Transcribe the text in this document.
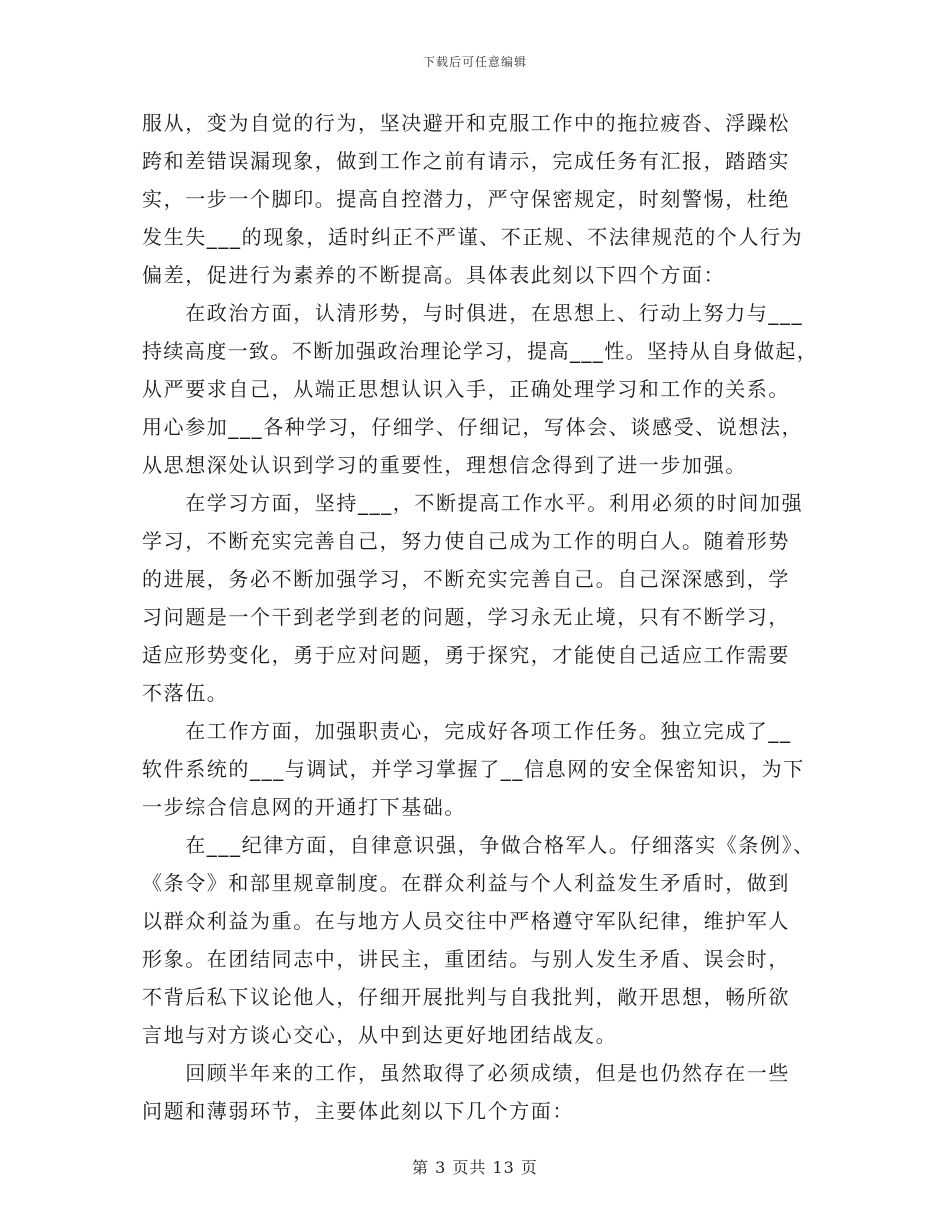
下载后可任意编辑
服从，变为自觉的行为，坚决避开和克服工作中的拖拉疲沓、浮躁松
跨和差错误漏现象，做到工作之前有请示，完成任务有汇报，踏踏实
实，一步一个脚印。提高自控潜力，严守保密规定，时刻警惕，杜绝
发生失___的现象，适时纠正不严谨、不正规、不法律规范的个人行为
偏差，促进行为素养的不断提高。具体表此刻以下四个方面：
　　在政治方面，认清形势，与时俱进，在思想上、行动上努力与___
持续高度一致。不断加强政治理论学习，提高___性。坚持从自身做起，
从严要求自己，从端正思想认识入手，正确处理学习和工作的关系。
用心参加___各种学习，仔细学、仔细记，写体会、谈感受、说想法，
从思想深处认识到学习的重要性，理想信念得到了进一步加强。
　　在学习方面，坚持___，不断提高工作水平。利用必须的时间加强
学习，不断充实完善自己，努力使自己成为工作的明白人。随着形势
的进展，务必不断加强学习，不断充实完善自己。自己深深感到，学
习问题是一个干到老学到老的问题，学习永无止境，只有不断学习，
适应形势变化，勇于应对问题，勇于探究，才能使自己适应工作需要
不落伍。
　　在工作方面，加强职责心，完成好各项工作任务。独立完成了__
软件系统的___与调试，并学习掌握了__信息网的安全保密知识，为下
一步综合信息网的开通打下基础。
　　在___纪律方面，自律意识强，争做合格军人。仔细落实《条例》、
《条令》和部里规章制度。在群众利益与个人利益发生矛盾时，做到
以群众利益为重。在与地方人员交往中严格遵守军队纪律，维护军人
形象。在团结同志中，讲民主，重团结。与别人发生矛盾、误会时，
不背后私下议论他人，仔细开展批判与自我批判，敞开思想，畅所欲
言地与对方谈心交心，从中到达更好地团结战友。
　　回顾半年来的工作，虽然取得了必须成绩，但是也仍然存在一些
问题和薄弱环节，主要体此刻以下几个方面：
第 3 页共 13 页
